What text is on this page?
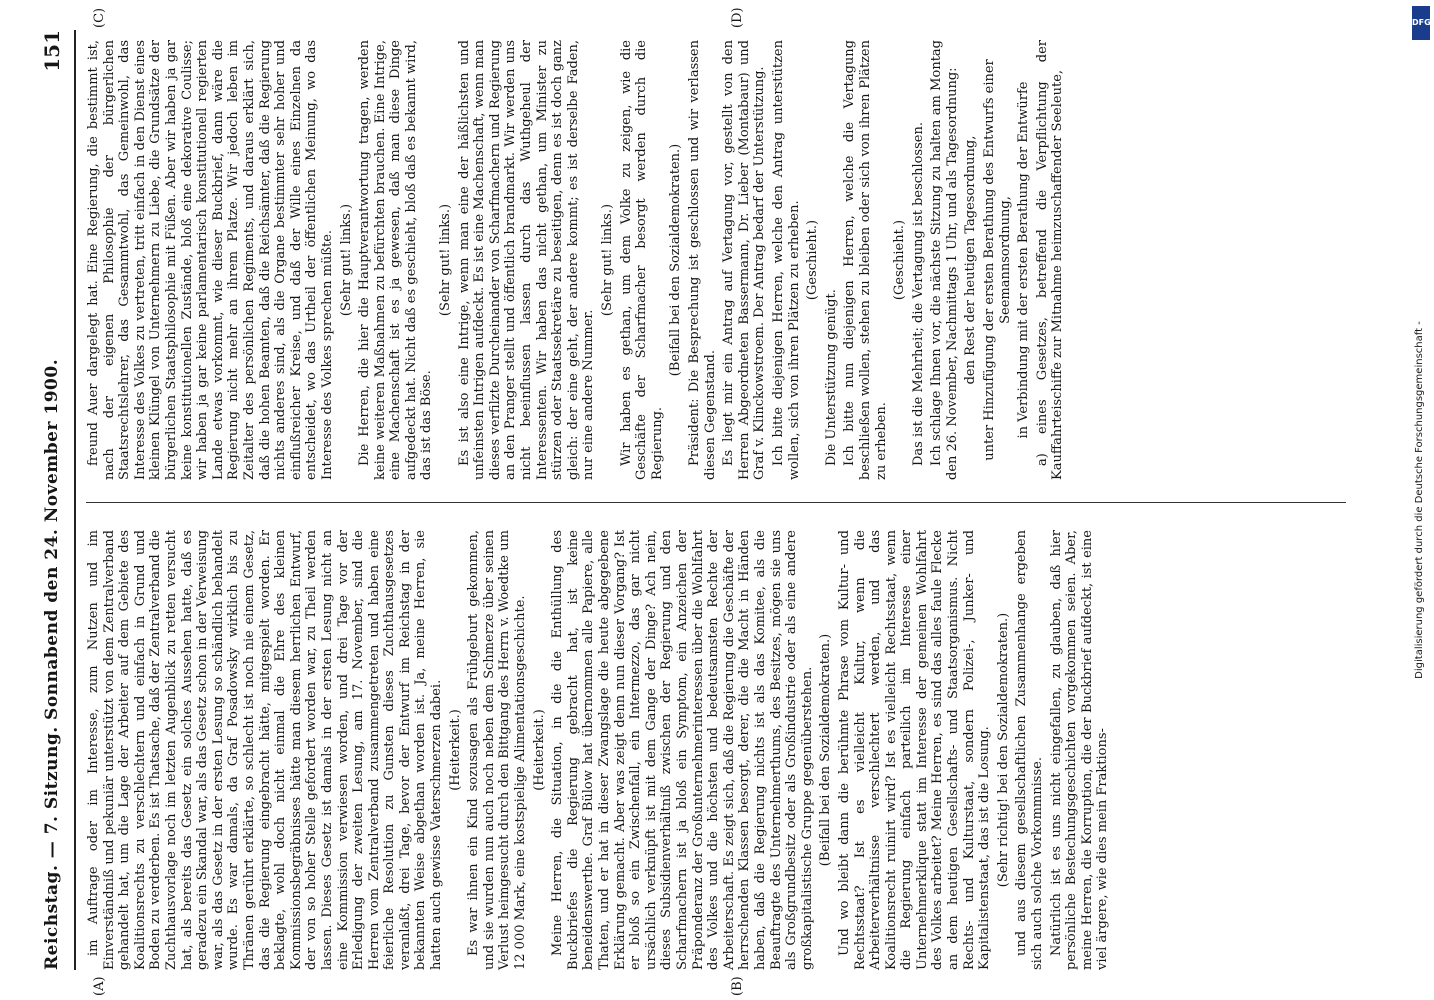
Reichstag. — 7. Sitzung. Sonnabend den 24. November 1900.
151
(A)	(B)
(C)	(D)

im Auftrage oder im Interesse, zum Nutzen und im Einverständniß und pekuniär unterstützt von dem Zentralverband gehandelt hat, um die Lage der Arbeiter auf dem Gebiete des Koalitionsrechts zu verschlechtern und einfach in Grund und Boden zu verderben. Es ist Thatsache, daß der Zentralverband die Zuchthausvorlage noch im letzten Augenblick zu retten versucht hat, als bereits das Gesetz ein solches Aussehen hatte, daß es geradezu ein Skandal war, als das Gesetz schon in der Verweisung war, als das Gesetz in der ersten Lesung so schändlich behandelt wurde. Es war damals, da Graf Posadowsky wirklich bis zu Thränen gerührt erklärte, so schlecht ist noch nie einem Gesetz, das die Regierung eingebracht hätte, mitgespielt worden. Er beklagte, wohl doch nicht einmal die Ehre des kleinen Kommissionsbegräbnisses hätte man diesem herrlichen Entwurf, der von so hoher Stelle gefordert worden war, zu Theil werden lassen. Dieses Gesetz ist damals in der ersten Lesung nicht an eine Kommission verwiesen worden, und drei Tage vor der Erledigung der zweiten Lesung, am 17. November, sind die Herren vom Zentralverband zusammengetreten und haben eine feierliche Resolution zu Gunsten dieses Zuchthausgesetzes veranlaßt, drei Tage, bevor der Entwurf im Reichstag in der bekannten Weise abgethan worden ist. Ja, meine Herren, sie hatten auch gewisse Vaterschmerzen dabei. (Heiterkeit.) Es war ihnen ein Kind sozusagen als Frühgeburt gekommen, und sie wurden nun auch noch neben dem Schmerze über seinen Verlust heimgesucht durch den Bittgang des Herrn v. Woedtke um 12 000 Mark, eine kostspielige Alimentationsgeschichte. (Heiterkeit.) Meine Herren, die Situation, in die die Enthüllung des Buckbriefes die Regierung gebracht hat, ist keine beneidenswerthe. Graf Bülow hat übernommen alle Papiere, alle Thaten, und er hat in dieser Zwangslage die heute abgegebene Erklärung gemacht. Aber was zeigt denn nun dieser Vorgang? Ist er bloß so ein Zwischenfall, ein Intermezzo, das gar nicht ursächlich verknüpft ist mit dem Gange der Dinge? Ach nein, dieses Subsidienverhältniß zwischen der Regierung und den Scharfmachern ist ja bloß ein Symptom, ein Anzeichen der Präponderanz der Großunternehmerinteressen über die Wohlfahrt des Volkes und die höchsten und bedeutsamsten Rechte der Arbeiterschaft. Es zeigt sich, daß die Regierung die Geschäfte der herrschenden Klassen besorgt, derer, die die Macht in Händen haben, daß die Regierung nichts ist als das Komitee, als die Beauftragte des Unternehmerthums, des Besitzes, mögen sie uns als Großgrundbesitz oder als Großindustrie oder als eine andere großkapitalistische Gruppe gegenüberstehen. (Beifall bei den Sozialdemokraten.) Und wo bleibt dann die berühmte Phrase vom Kultur- und Rechtsstaat? Ist es vielleicht Kultur, wenn die Arbeiterverhältnisse verschlechtert werden, und das Koalitionsrecht ruinirt wird? Ist es vielleicht Rechtsstaat, wenn die Regierung einfach parteilich im Interesse einer Unternehmerklique statt im Interesse der gemeinen Wohlfahrt des Volkes arbeitet? Meine Herren, es sind das alles faule Flecke an dem heutigen Gesellschafts- und Staatsorganismus. Nicht Rechts- und Kulturstaat, sondern Polizei-, Junker- und Kapitalistenstaat, das ist die Losung. (Sehr richtig! bei den Sozialdemokraten.) und aus diesem gesellschaftlichen Zusammenhange ergeben sich auch solche Vorkommnisse. Natürlich ist es uns nicht eingefallen, zu glauben, daß hier persönliche Bestechungsgeschichten vorgekommen seien. Aber, meine Herren, die Korruption, die der Buckbrief aufdeckt, ist eine viel ärgere, wie dies mein Fraktions-

freund Auer dargelegt hat. Eine Regierung, die bestimmt ist, nach der eigenen Philosophie der bürgerlichen Staatsrechtslehrer, das Gesammtwohl, das Gemeinwohl, das Interesse des Volkes zu vertreten, tritt einfach in den Dienst eines kleinen Klüngel von Unternehmern zu Liebe, die Grundsätze der bürgerlichen Staatsphilosophie mit Füßen. Aber wir haben ja gar keine konstitutionellen Zustände, bloß eine dekorative Coulisse; wir haben ja gar keine parlamentarisch konstitutionell regierten Lande etwas vorkommt, wie dieser Buckbrief, dann wäre die Regierung nicht mehr an ihrem Platze. Wir jedoch leben im Zeitalter des persönlichen Regiments, und daraus erklärt sich, daß die hohen Beamten, daß die Reichsämter, daß die Regierung nichts anderes sind, als die Organe bestimmter sehr hoher und einflußreicher Kreise, und daß der Wille eines Einzelnen da entscheidet, wo das Urtheil der öffentlichen Meinung, wo das Interesse des Volkes sprechen müßte. (Sehr gut! links.) Die Herren, die hier die Hauptverantwortung tragen, werden keine weiteren Maßnahmen zu befürchten brauchen. Eine Intrige, eine Machenschaft ist es ja gewesen, daß man diese Dinge aufgedeckt hat. Nicht daß es geschieht, bloß daß es bekannt wird, das ist das Böse.

(Sehr gut! links.) Es ist also eine Intrige, wenn man eine der häßlichsten und unfeinsten Intrigen aufdeckt. Es ist eine Machenschaft, wenn man dieses verfilzte Durcheinander von Scharfmachern und Regierung an den Pranger stellt und öffentlich brandmarkt. Wir werden uns nicht beeinflussen lassen durch das Wuthgeheul der Interessenten. Wir haben das nicht gethan, um Minister zu stürzen oder Staatssekretäre zu beseitigen, denn es ist doch ganz gleich: der eine geht, der andere kommt; es ist derselbe Faden, nur eine andere Nummer.

(Sehr gut! links.) Wir haben es gethan, um dem Volke zu zeigen, wie die Geschäfte der Scharfmacher besorgt werden durch die Regierung.

(Beifall bei den Sozialdemokraten.) Präsident: Die Besprechung ist geschlossen und wir verlassen diesen Gegenstand. Es liegt mir ein Antrag auf Vertagung vor, gestellt von den Herren Abgeordneten Bassermann, Dr. Lieber (Montabaur) und Graf v. Klinckowstroem. Der Antrag bedarf der Unterstützung. Ich bitte diejenigen Herren, welche den Antrag unterstützen wollen, sich von ihren Plätzen zu erheben. (Geschieht.)

Die Unterstützung genügt. Ich bitte nun diejenigen Herren, welche die Vertagung beschließen wollen, stehen zu bleiben oder sich von ihren Plätzen zu erheben.

(Geschieht.) Das ist die Mehrheit; die Vertagung ist beschlossen. Ich schlage Ihnen vor, die nächste Sitzung zu halten am Montag den 26. November, Nachmittags 1 Uhr, und als Tagesordnung: den Rest der heutigen Tagesordnung, unter Hinzufügung der ersten Berathung des Entwurfs einer Seemannsordnung, in Verbindung mit der ersten Berathung der Entwürfe a) eines Gesetzes, betreffend die Verpflichtung der Kauffahrteischiffe zur Mitnahme heimzuschaffender Seeleute,

Digitalisierung gefördert durch die Deutsche Forschungsgemeinschaft -
DFG
